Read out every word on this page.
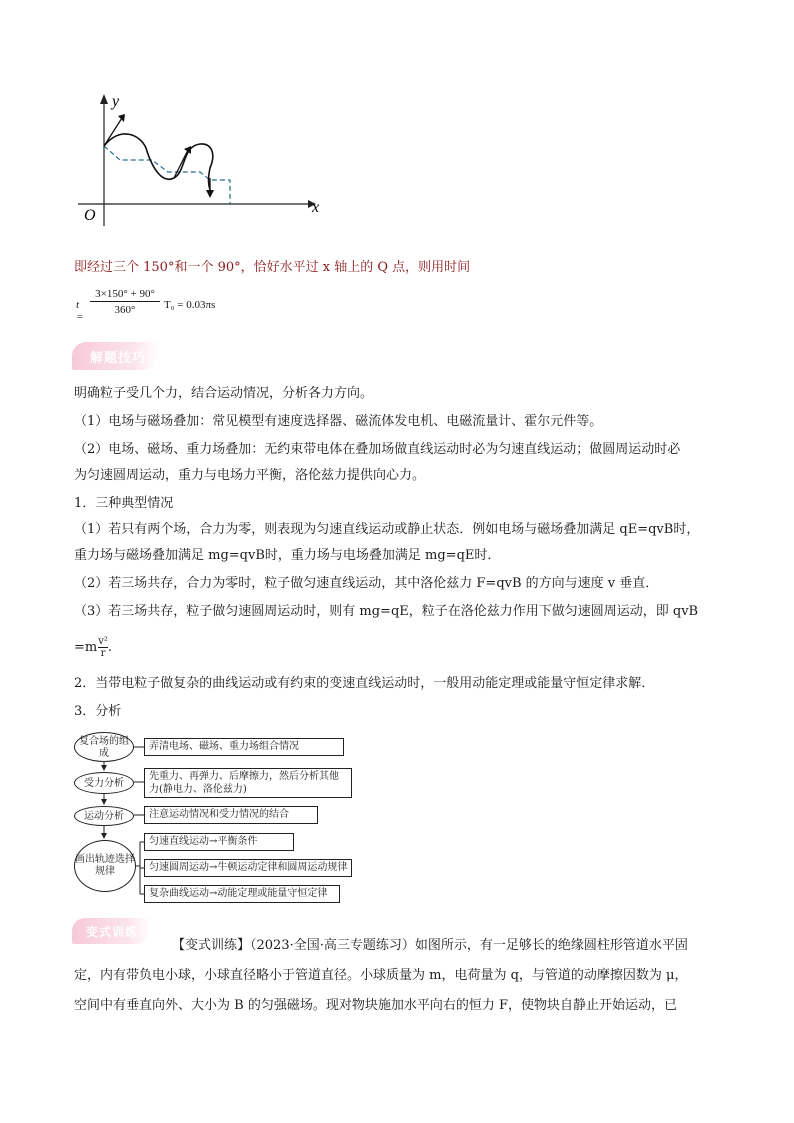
y
x
O
即经过三个 150°和一个 90°，恰好水平过 x 轴上的 Q 点，则用时间
t =
$\frac{3\times 150^\circ + 90^\circ}{360^\circ} T_0 = 0.03\pi s$
解题技巧
明确粒子受几个力，结合运动情况，分析各力方向。
（1）电场与磁场叠加：常见模型有速度选择器、磁流体发电机、电磁流量计、霍尔元件等。
（2）电场、磁场、重力场叠加：无约束带电体在叠加场做直线运动时必为匀速直线运动；做圆周运动时必
为匀速圆周运动，重力与电场力平衡，洛伦兹力提供向心力。
1．三种典型情况
（1）若只有两个场，合力为零，则表现为匀速直线运动或静止状态．例如电场与磁场叠加满足 qE=qvB时，
重力场与磁场叠加满足 mg=qvB时，重力场与电场叠加满足 mg=qE时．
（2）若三场共存，合力为零时，粒子做匀速直线运动，其中洛伦兹力 F=qvB 的方向与速度 v 垂直．
（3）若三场共存，粒子做匀速圆周运动时，则有 mg=qE，粒子在洛伦兹力作用下做匀速圆周运动，即 qvB
$=m \frac{\text{v²}}{r}$ .
2．当带电粒子做复杂的曲线运动或有约束的变速直线运动时，一般用动能定理或能量守恒定律求解．
3．分析
复合场的组成
受力分析
运动分析
画出轨迹选择规律
弄清电场、磁场、重力场组合情况
先重力、再弹力、后摩擦力，然后分析其他
力(静电力、洛伦兹力)
注意运动情况和受力情况的结合
匀速直线运动→平衡条件
匀速圆周运动→牛顿运动定律和圆周运动规律
复杂曲线运动→动能定理或能量守恒定律
变式训练
【变式训练】（2023·全国·高三专题练习）如图所示，有一足够长的绝缘圆柱形管道水平固
定，内有带负电小球，小球直径略小于管道直径。小球质量为 m，电荷量为 q，与管道的动摩擦因数为 μ，
空间中有垂直向外、大小为 B 的匀强磁场。现对物块施加水平向右的恒力 F，使物块自静止开始运动，已
